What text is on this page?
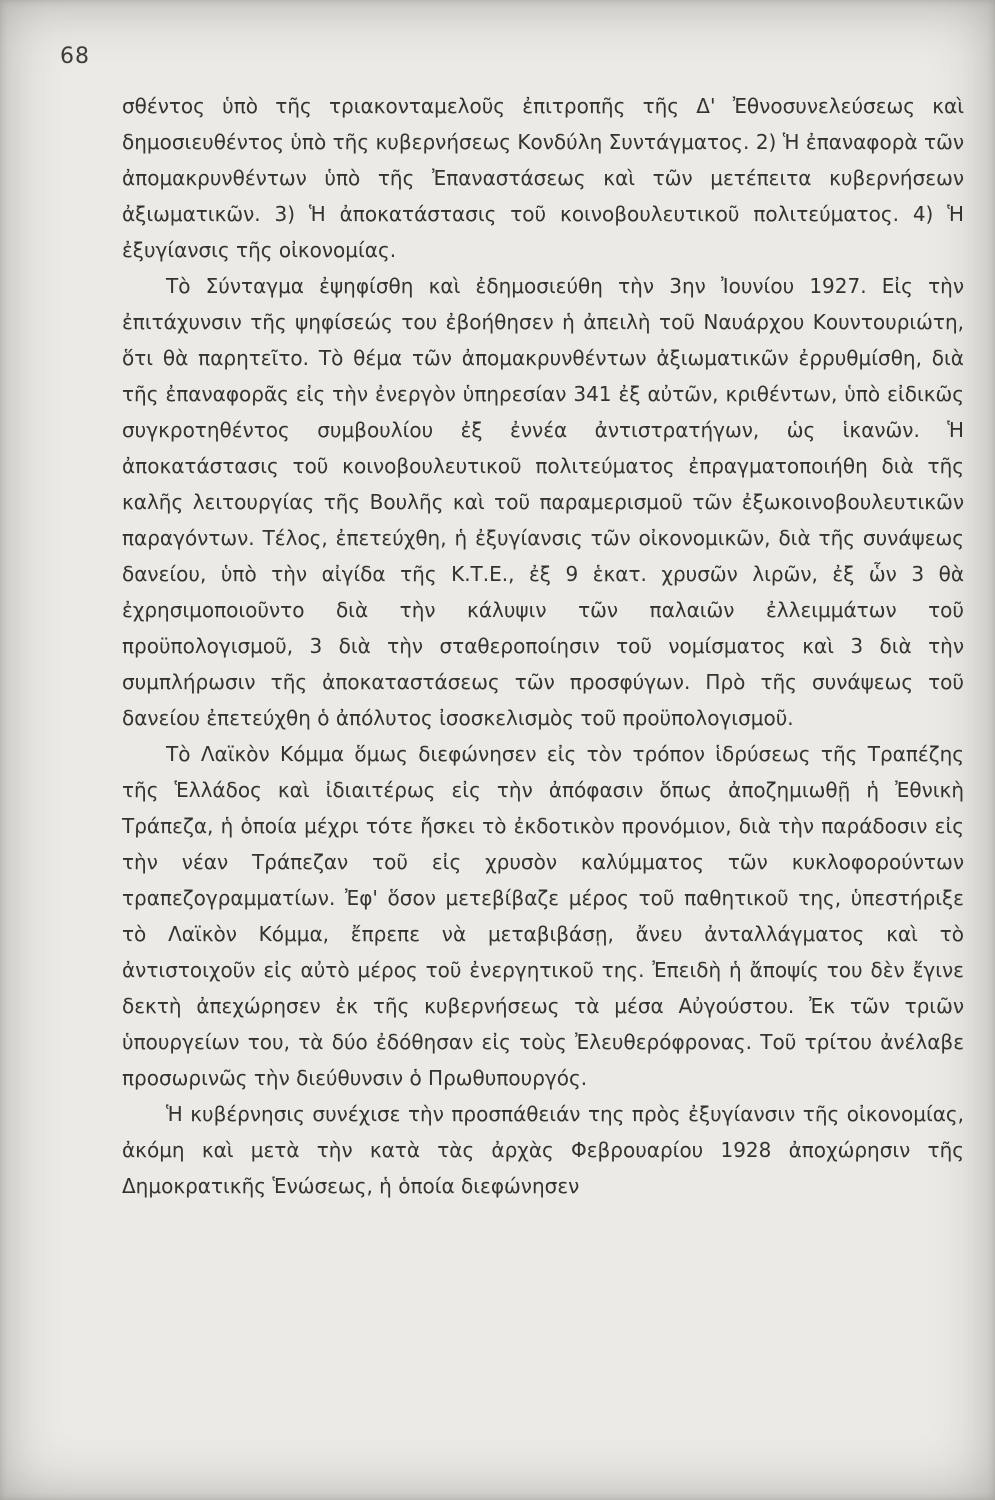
68

σθέντος ὑπὸ τῆς τριακονταμελοῦς ἐπιτροπῆς τῆς Δ' Ἐθνοσυνελεύσεως καὶ δημοσιευθέντος ὑπὸ τῆς κυβερνήσεως Κονδύλη Συντάγματος. 2) Ἡ ἐπαναφορὰ τῶν ἀπομακρυνθέντων ὑπὸ τῆς Ἐπαναστάσεως καὶ τῶν μετέπειτα κυβερνήσεων ἀξιωματικῶν. 3) Ἡ ἀποκατάστασις τοῦ κοινοβουλευτικοῦ πολιτεύματος. 4) Ἡ ἐξυγίανσις τῆς οἰκονομίας.

Τὸ Σύνταγμα ἐψηφίσθη καὶ ἐδημοσιεύθη τὴν 3ην Ἰουνίου 1927. Εἰς τὴν ἐπιτάχυνσιν τῆς ψηφίσεώς του ἐβοήθησεν ἡ ἀπειλὴ τοῦ Ναυάρχου Κουντουριώτη, ὅτι θὰ παρητεῖτο. Τὸ θέμα τῶν ἀπομακρυνθέντων ἀξιωματικῶν ἐρρυθμίσθη, διὰ τῆς ἐπαναφορᾶς εἰς τὴν ἐνεργὸν ὑπηρεσίαν 341 ἐξ αὐτῶν, κριθέντων, ὑπὸ εἰδικῶς συγκροτηθέντος συμβουλίου ἐξ ἐννέα ἀντιστρατήγων, ὡς ἱκανῶν. Ἡ ἀποκατάστασις τοῦ κοινοβουλευτικοῦ πολιτεύματος ἐπραγματοποιήθη διὰ τῆς καλῆς λειτουργίας τῆς Βουλῆς καὶ τοῦ παραμερισμοῦ τῶν ἐξωκοινοβουλευτικῶν παραγόντων. Τέλος, ἐπετεύχθη, ἡ ἐξυγίανσις τῶν οἰκονομικῶν, διὰ τῆς συνάψεως δανείου, ὑπὸ τὴν αἰγίδα τῆς Κ.Τ.Ε., ἐξ 9 ἑκατ. χρυσῶν λιρῶν, ἐξ ὧν 3 θὰ ἐχρησιμοποιοῦντο διὰ τὴν κάλυψιν τῶν παλαιῶν ἐλλειμμάτων τοῦ προϋπολογισμοῦ, 3 διὰ τὴν σταθεροποίησιν τοῦ νομίσματος καὶ 3 διὰ τὴν συμπλήρωσιν τῆς ἀποκαταστάσεως τῶν προσφύγων. Πρὸ τῆς συνάψεως τοῦ δανείου ἐπετεύχθη ὁ ἀπόλυτος ἰσοσκελισμὸς τοῦ προϋπολογισμοῦ.

Τὸ Λαϊκὸν Κόμμα ὅμως διεφώνησεν εἰς τὸν τρόπον ἱδρύσεως τῆς Τραπέζης τῆς Ἑλλάδος καὶ ἰδιαιτέρως εἰς τὴν ἀπόφασιν ὅπως ἀποζημιωθῇ ἡ Ἐθνικὴ Τράπεζα, ἡ ὁποία μέχρι τότε ἤσκει τὸ ἐκδοτικὸν προνόμιον, διὰ τὴν παράδοσιν εἰς τὴν νέαν Τράπεζαν τοῦ εἰς χρυσὸν καλύμματος τῶν κυκλοφορούντων τραπεζογραμματίων. Ἐφ' ὅσον μετεβίβαζε μέρος τοῦ παθητικοῦ της, ὑπεστήριξε τὸ Λαϊκὸν Κόμμα, ἔπρεπε νὰ μεταβιβάσῃ, ἄνευ ἀνταλλάγματος καὶ τὸ ἀντιστοιχοῦν εἰς αὐτὸ μέρος τοῦ ἐνεργητικοῦ της. Ἐπειδὴ ἡ ἄποψίς του δὲν ἔγινε δεκτὴ ἀπεχώρησεν ἐκ τῆς κυβερνήσεως τὰ μέσα Αὐγούστου. Ἐκ τῶν τριῶν ὑπουργείων του, τὰ δύο ἐδόθησαν εἰς τοὺς Ἐλευθερόφρονας. Τοῦ τρίτου ἀνέλαβε προσωρινῶς τὴν διεύθυνσιν ὁ Πρωθυπουργός.

Ἡ κυβέρνησις συνέχισε τὴν προσπάθειάν της πρὸς ἐξυγίανσιν τῆς οἰκονομίας, ἀκόμη καὶ μετὰ τὴν κατὰ τὰς ἀρχὰς Φεβρουαρίου 1928 ἀποχώρησιν τῆς Δημοκρατικῆς Ἑνώσεως, ἡ ὁποία διεφώνησεν
